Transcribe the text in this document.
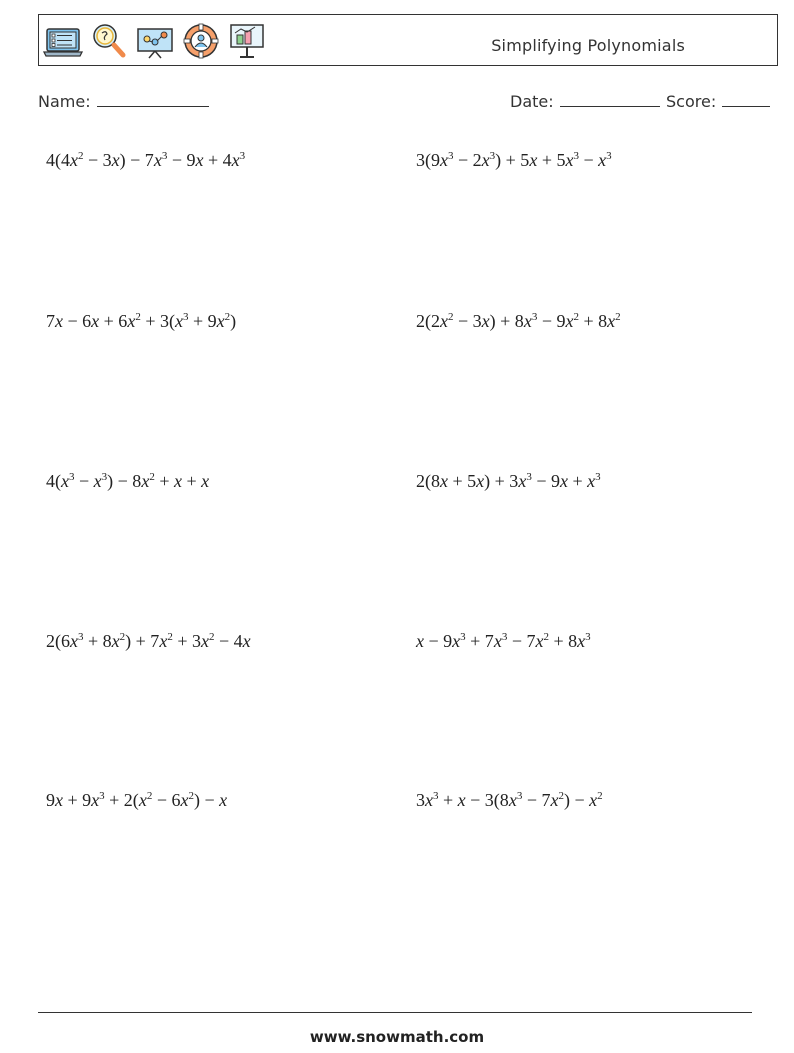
Simplifying Polynomials
Name:	Date:	Score:
$4(4x^2 - 3x) - 7x^3 - 9x + 4x^3$	$3(9x^3 - 2x^3) + 5x + 5x^3 - x^3$
$7x - 6x + 6x^2 + 3(x^3 + 9x^2)$	$2(2x^2 - 3x) + 8x^3 - 9x^2 + 8x^2$
$4(x^3 - x^3) - 8x^2 + x + x$	$2(8x + 5x) + 3x^3 - 9x + x^3$
$2(6x^3 + 8x^2) + 7x^2 + 3x^2 - 4x$	$x - 9x^3 + 7x^3 - 7x^2 + 8x^3$
$9x + 9x^3 + 2(x^2 - 6x^2) - x$	$3x^3 + x - 3(8x^3 - 7x^2) - x^2$
www.snowmath.com
